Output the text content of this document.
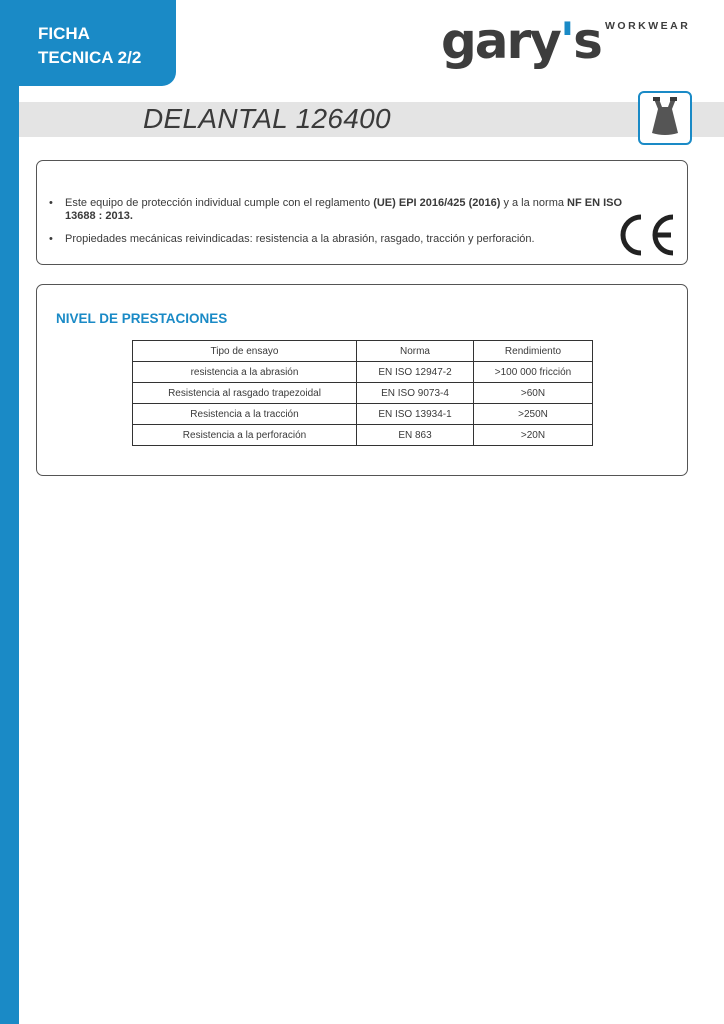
FICHA
TECNICA 2/2	gary's WORKWEAR
DELANTAL 126400
• Este equipo de protección individual cumple con el reglamento (UE) EPI 2016/425 (2016) y a la norma NF EN ISO 13688 : 2013.
• Propiedades mecánicas reivindicadas: resistencia a la abrasión, rasgado, tracción y perforación.
NIVEL DE PRESTACIONES
Tipo de ensayo	Norma	Rendimiento
resistencia a la abrasión	EN ISO 12947-2	>100 000 fricción
Resistencia al rasgado trapezoidal	EN ISO 9073-4	>60N
Resistencia a la tracción	EN ISO 13934-1	>250N
Resistencia a la perforación	EN 863	>20N
